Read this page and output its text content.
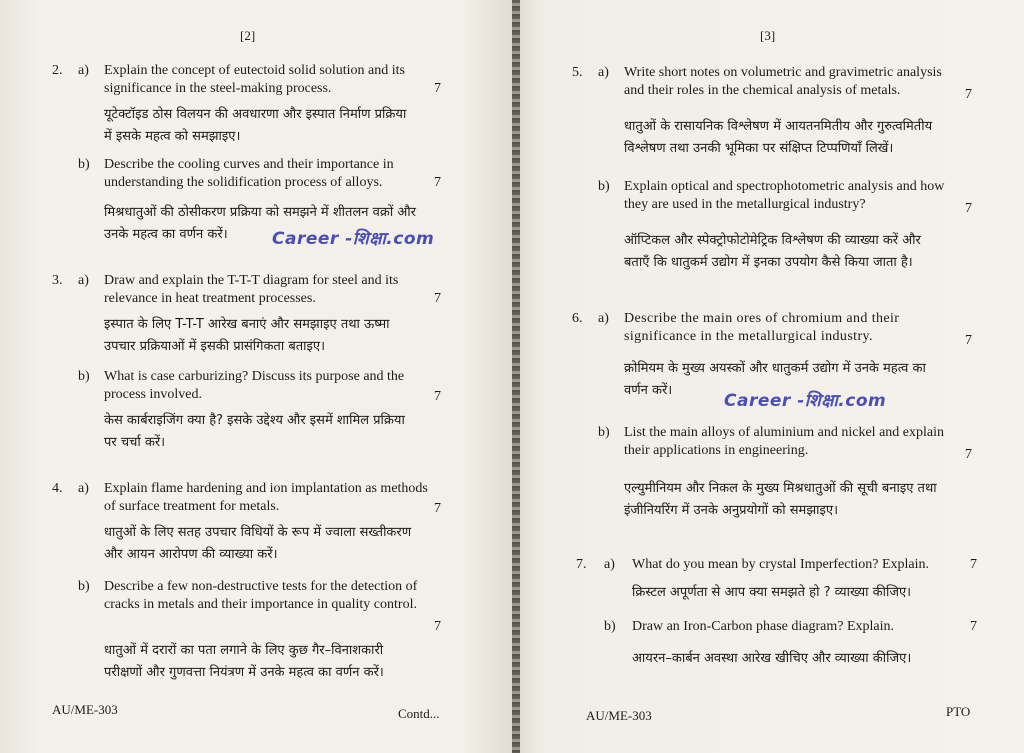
[2]
2. a) Explain the concept of eutectoid solid solution and its
significance in the steel-making process.	7
यूटेक्टॉइड ठोस विलयन की अवधारणा और इस्पात निर्माण प्रक्रिया
में इसके महत्व को समझाइए।
b) Describe the cooling curves and their importance in
understanding the solidification process of alloys.	7
मिश्रधातुओं की ठोसीकरण प्रक्रिया को समझने में शीतलन वक्रों और
उनके महत्व का वर्णन करें।	Career -शिक्षा.com
3. a) Draw and explain the T-T-T diagram for steel and its
relevance in heat treatment processes.	7
इस्पात के लिए T-T-T आरेख बनाएं और समझाइए तथा ऊष्मा
उपचार प्रक्रियाओं में इसकी प्रासंगिकता बताइए।
b) What is case carburizing? Discuss its purpose and the
process involved.	7
केस कार्बराइजिंग क्या है? इसके उद्देश्य और इसमें शामिल प्रक्रिया
पर चर्चा करें।
4. a) Explain flame hardening and ion implantation as methods
of surface treatment for metals.	7
धातुओं के लिए सतह उपचार विधियों के रूप में ज्वाला सख्तीकरण
और आयन आरोपण की व्याख्या करें।
b) Describe a few non-destructive tests for the detection of
cracks in metals and their importance in quality control.
7
धातुओं में दरारों का पता लगाने के लिए कुछ गैर–विनाशकारी
परीक्षणों और गुणवत्ता नियंत्रण में उनके महत्व का वर्णन करें।
AU/ME-303	Contd...
[3]
5. a) Write short notes on volumetric and gravimetric analysis
and their roles in the chemical analysis of metals.	7
धातुओं के रासायनिक विश्लेषण में आयतनमितीय और गुरुत्वमितीय
विश्लेषण तथा उनकी भूमिका पर संक्षिप्त टिप्पणियाँ लिखें।
b) Explain optical and spectrophotometric analysis and how
they are used in the metallurgical industry?	7
ऑप्टिकल और स्पेक्ट्रोफोटोमेट्रिक विश्लेषण की व्याख्या करें और
बताएँ कि धातुकर्म उद्योग में इनका उपयोग कैसे किया जाता है।
6. a) Describe the main ores of chromium and their
significance in the metallurgical industry.	7
क्रोमियम के मुख्य अयस्कों और धातुकर्म उद्योग में उनके महत्व का
वर्णन करें।
Career -शिक्षा.com
b) List the main alloys of aluminium and nickel and explain
their applications in engineering.	7
एल्युमीनियम और निकल के मुख्य मिश्रधातुओं की सूची बनाइए तथा
इंजीनियरिंग में उनके अनुप्रयोगों को समझाइए।
7. a) What do you mean by crystal Imperfection? Explain.	7
क्रिस्टल अपूर्णता से आप क्या समझते हो ? व्याख्या कीजिए।
b) Draw an Iron-Carbon phase diagram? Explain.	7
आयरन–कार्बन अवस्था आरेख खीचिए और व्याख्या कीजिए।
AU/ME-303	PTO
